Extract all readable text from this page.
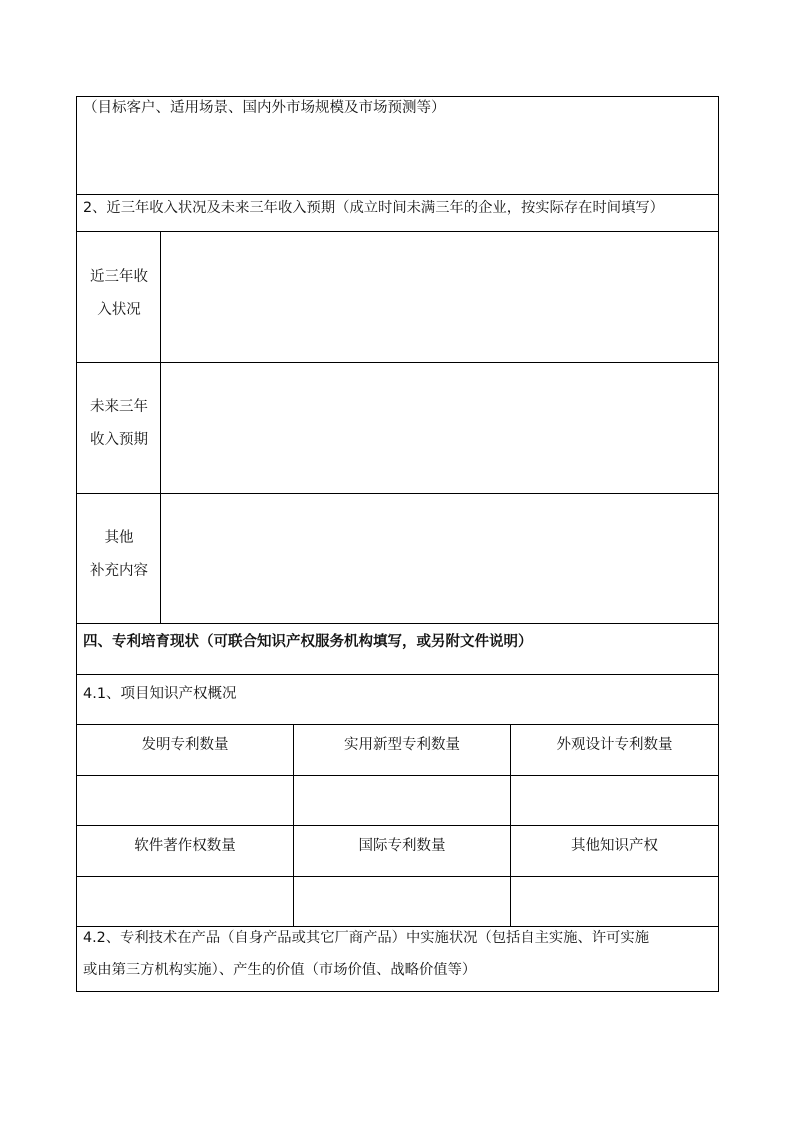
（目标客户、适用场景、国内外市场规模及市场预测等）
2、近三年收入状况及未来三年收入预期（成立时间未满三年的企业，按实际存在时间填写）
近三年收
入状况
未来三年
收入预期
其他
补充内容
四、专利培育现状（可联合知识产权服务机构填写，或另附文件说明）
4.1、项目知识产权概况
发明专利数量	实用新型专利数量	外观设计专利数量
软件著作权数量	国际专利数量	其他知识产权
4.2、专利技术在产品（自身产品或其它厂商产品）中实施状况（包括自主实施、许可实施
或由第三方机构实施）、产生的价值（市场价值、战略价值等）
